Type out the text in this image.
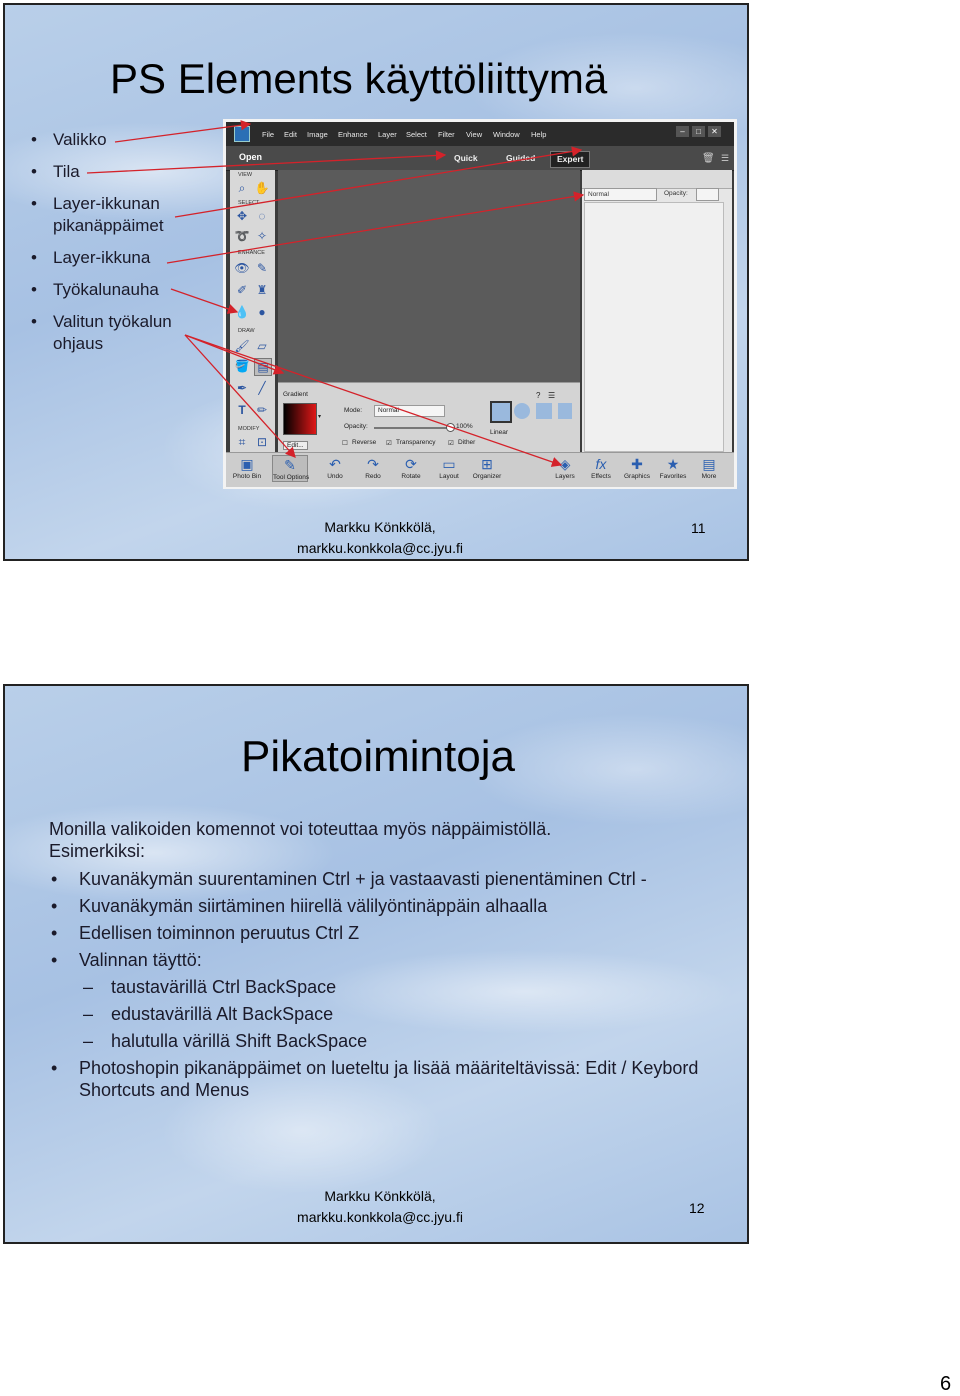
PS Elements käyttöliittymä
• Valikko
• Tila
• Layer-ikkunan pikanäppäimet
• Layer-ikkuna
• Työkalunauha
• Valitun työkalun ohjaus
File Edit Image Enhance Layer Select Filter View Window Help	–	□	✕
Open	Quick	Guided	Expert	🗑 ☰
VIEW
⌕ ✋
SELECT
✥ ◌
➰ ✧
ENHANCE
👁 ✎
✐ ♜
💧 ●
DRAW
🖌 ▱
🪣 ▤
✒ ╱
T ✏
MODIFY
⌗ ⊡
Normal	Opacity:
Gradient
▾
Edit...
Mode:	Normal
Opacity:	100%
☐ Reverse ☑ Transparency ☑ Dither
? ☰
Linear
▣
Photo Bin
✎
Tool Options
↶
Undo
↷
Redo
⟳
Rotate
▭
Layout
⊞
Organizer
◈
Layers
fx
Effects
✚
Graphics
★
Favorites
▤
More
Markku Könkkölä,
markku.konkkola@cc.jyu.fi
11
Pikatoimintoja
Monilla valikoiden komennot voi toteuttaa myös näppäimistöllä.
Esimerkiksi:
• Kuvanäkymän suurentaminen Ctrl + ja vastaavasti pienentäminen Ctrl -
• Kuvanäkymän siirtäminen hiirellä välilyöntinäppäin alhaalla
• Edellisen toiminnon peruutus Ctrl Z
• Valinnan täyttö:
– taustavärillä Ctrl BackSpace
– edustavärillä Alt BackSpace
– halutulla värillä Shift BackSpace
• Photoshopin pikanäppäimet on lueteltu ja lisää määriteltävissä: Edit / Keybord Shortcuts and Menus
Markku Könkkölä,
markku.konkkola@cc.jyu.fi
12
6
